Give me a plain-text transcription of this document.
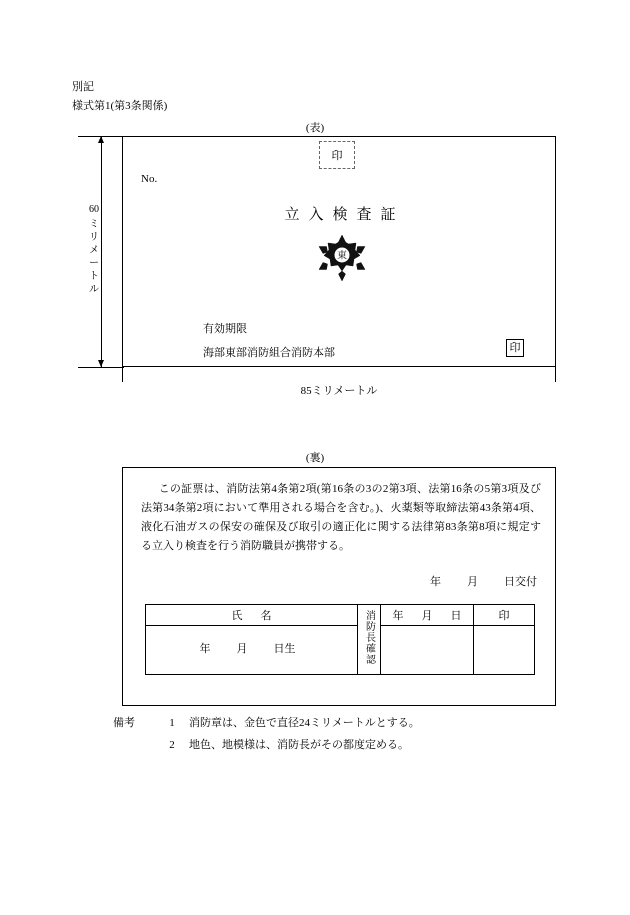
別記
様式第1(第3条関係)
(表)
60
ミ
リ
メ
ー
ト
ル
印
No.
立入検査証
東
有効期限
海部東部消防組合消防本部	印
85ミリメートル
(裏)

この証票は、消防法第4条第2項(第16条の3の2第3項、法第16条の5第3項及び法第34条第2項において準用される場合を含む。)、火薬類等取締法第43条第4項、液化石油ガスの保安の確保及び取引の適正化に関する法律第83条第8項に規定する立入り検査を行う消防職員が携帯する。

年 月 日交付
氏名	消防長確認	年 月 日	印
年 月 日生			
備考	1 消防章は、金色で直径24ミリメートルとする。
2 地色、地模様は、消防長がその都度定める。
